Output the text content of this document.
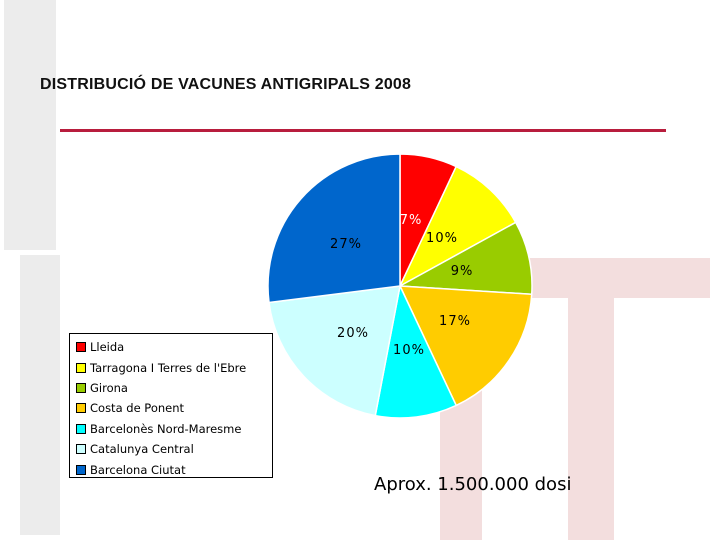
DISTRIBUCIÓ DE VACUNES ANTIGRIPALS 2008
7%
10%
9%
17%
10%
20%
27%
Lleida
Tarragona I Terres de l'Ebre
Girona
Costa de Ponent
Barcelonès Nord-Maresme
Catalunya Central
Barcelona Ciutat

Aprox. 1.500.000 dosi
